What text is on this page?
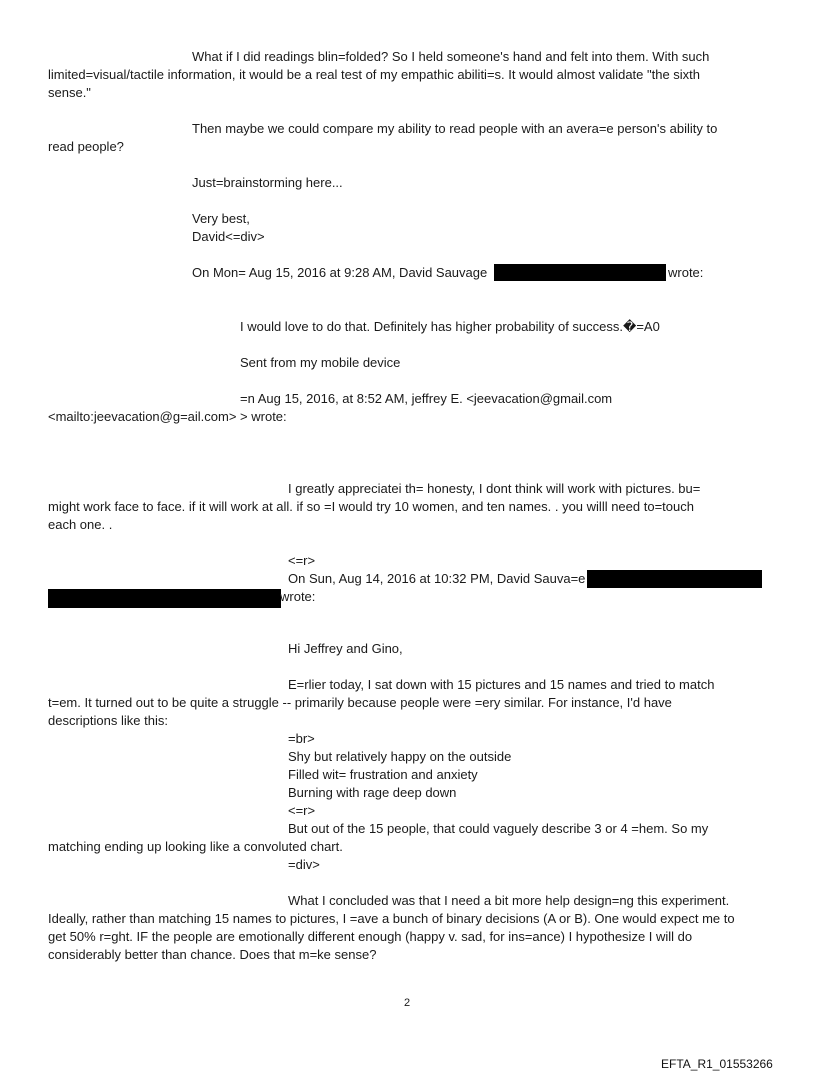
What if I did readings blin=folded? So I held someone's hand and felt into them. With such
limited=visual/tactile information, it would be a real test of my empathic abiliti=s. It would almost validate "the sixth
sense."
Then maybe we could compare my ability to read people with an avera=e person's ability to
read people?
Just=brainstorming here...
Very best,
David<=div>
On Mon= Aug 15, 2016 at 9:28 AM, David Sauvage	wrote:
I would love to do that. Definitely has higher probability of success.�=A0
Sent from my mobile device
=n Aug 15, 2016, at 8:52 AM, jeffrey E. <jeevacation@gmail.com
<mailto:jeevacation@g=ail.com> > wrote:
I greatly appreciatei th= honesty, I dont think will work with pictures. bu=
might work face to face. if it will work at all. if so =I would try 10 women, and ten names. . you willl need to=touch
each one. .
<=r>
On Sun, Aug 14, 2016 at 10:32 PM, David Sauva=e
wrote:
Hi Jeffrey and Gino,
E=rlier today, I sat down with 15 pictures and 15 names and tried to match
t=em. It turned out to be quite a struggle -- primarily because people were =ery similar. For instance, I'd have
descriptions like this:
=br>
Shy but relatively happy on the outside
Filled wit= frustration and anxiety
Burning with rage deep down
<=r>
But out of the 15 people, that could vaguely describe 3 or 4 =hem. So my
matching ending up looking like a convoluted chart.
=div>
What I concluded was that I need a bit more help design=ng this experiment.
Ideally, rather than matching 15 names to pictures, I =ave a bunch of binary decisions (A or B). One would expect me to
get 50% r=ght. IF the people are emotionally different enough (happy v. sad, for ins=ance) I hypothesize I will do
considerably better than chance. Does that m=ke sense?
2
EFTA_R1_01553266
